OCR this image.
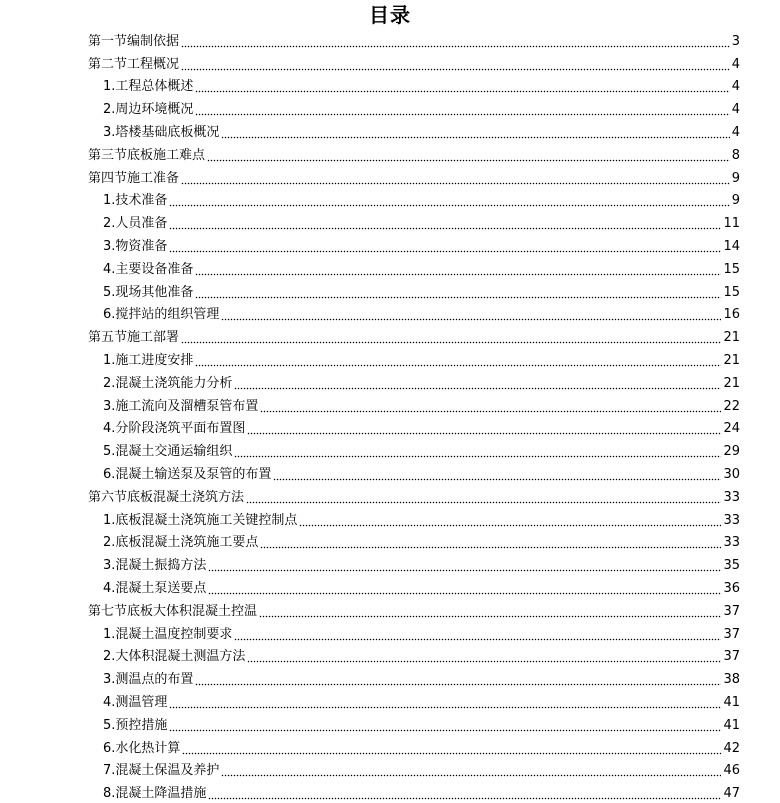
目录
第一节编制依据	3
第二节工程概况	4
1.工程总体概述	4
2.周边环境概况	4
3.塔楼基础底板概况	4
第三节底板施工难点	8
第四节施工准备	9
1.技术准备	9
2.人员准备	11
3.物资准备	14
4.主要设备准备	15
5.现场其他准备	15
6.搅拌站的组织管理	16
第五节施工部署	21
1.施工进度安排	21
2.混凝土浇筑能力分析	21
3.施工流向及溜槽泵管布置	22
4.分阶段浇筑平面布置图	24
5.混凝土交通运输组织	29
6.混凝土输送泵及泵管的布置	30
第六节底板混凝土浇筑方法	33
1.底板混凝土浇筑施工关键控制点	33
2.底板混凝土浇筑施工要点	33
3.混凝土振捣方法	35
4.混凝土泵送要点	36
第七节底板大体积混凝土控温	37
1.混凝土温度控制要求	37
2.大体积混凝土测温方法	37
3.测温点的布置	38
4.测温管理	41
5.预控措施	41
6.水化热计算	42
7.混凝土保温及养护	46
8.混凝土降温措施	47
